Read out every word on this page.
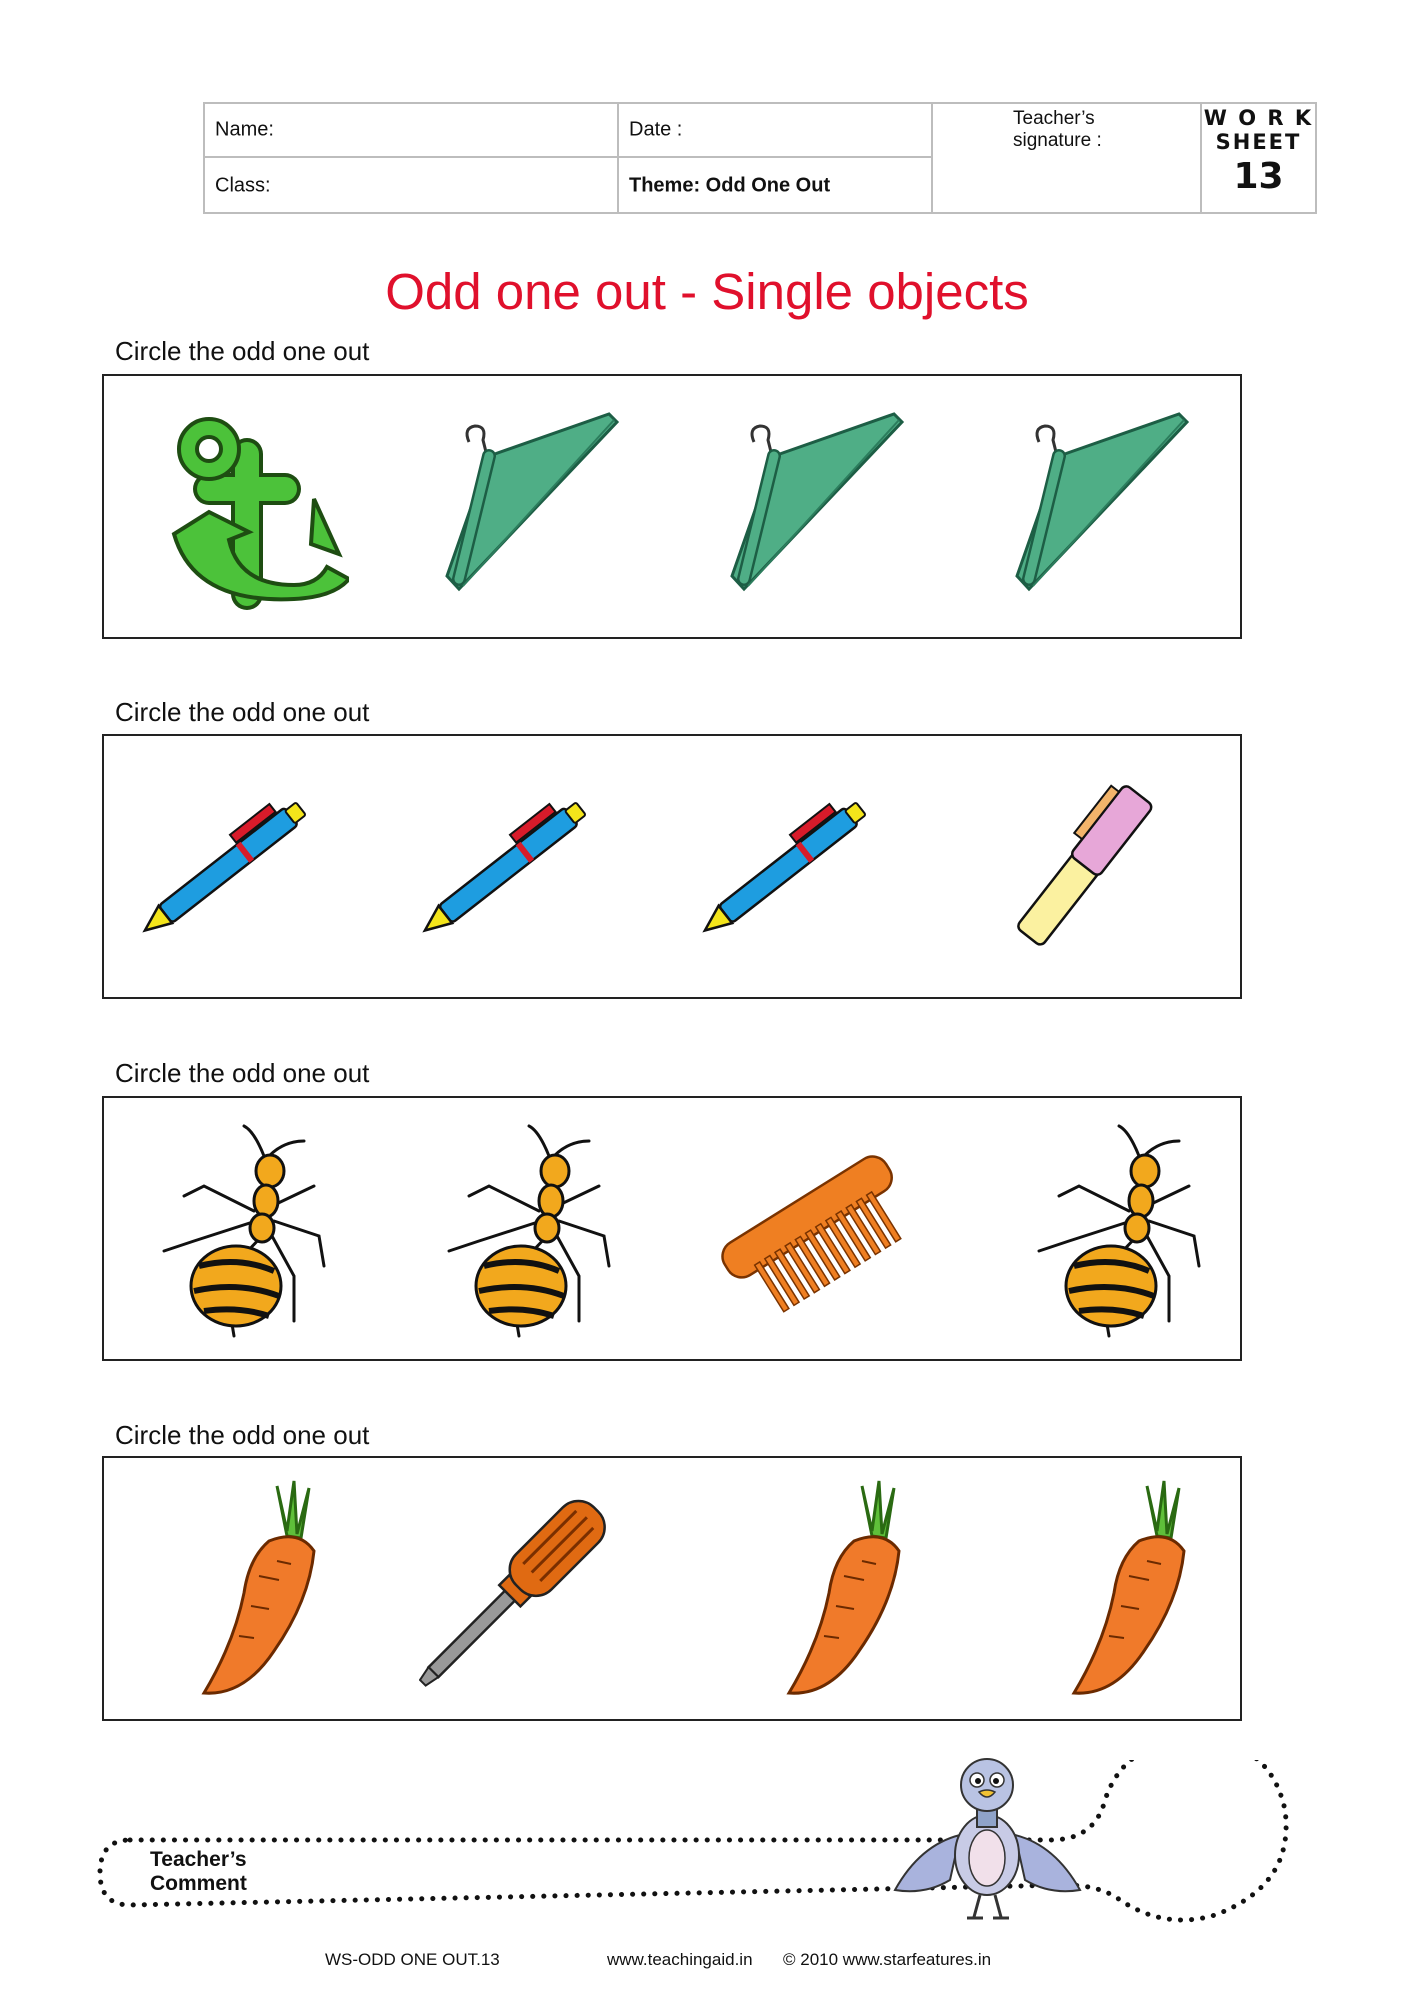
Name:	Date :
Class:	Theme: Odd One Out
Teacher’s
signature :
W O R K
SHEET
13
Odd one out - Single objects
Circle the odd one out
Circle the odd one out
Circle the odd one out
Circle the odd one out
Teacher’s
Comment
WS-ODD ONE OUT.13	www.teachingaid.in © 2010 www.starfeatures.in
